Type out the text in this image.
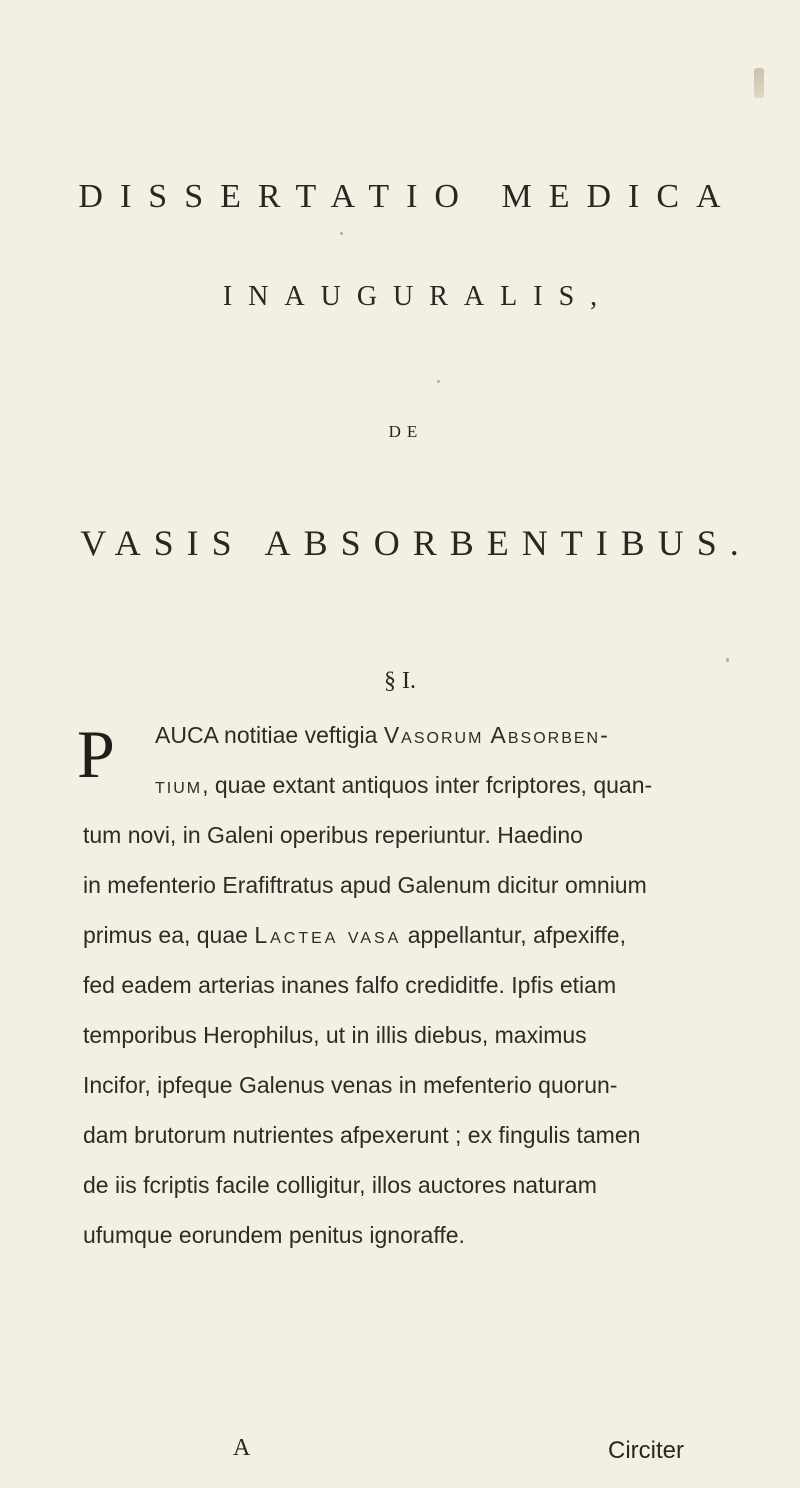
DISSERTATIO MEDICA
INAUGURALIS,
DE
VASIS ABSORBENTIBUS.
§ I.
P AUCA notitiae veftigia Vasorum Absorben-
tium, quae extant antiquos inter fcriptores, quan-
tum novi, in Galeni operibus reperiuntur. Haedino
in mefenterio Erafiftratus apud Galenum dicitur omnium
primus ea, quae Lactea vasa appellantur, afpexiffe,
fed eadem arterias inanes falfo crediditfe. Ipfis etiam
temporibus Herophilus, ut in illis diebus, maximus
Incifor, ipfeque Galenus venas in mefenterio quorun-
dam brutorum nutrientes afpexerunt ; ex fingulis tamen
de iis fcriptis facile colligitur, illos auctores naturam
ufumque eorundem penitus ignoraffe.
A	Circiter
